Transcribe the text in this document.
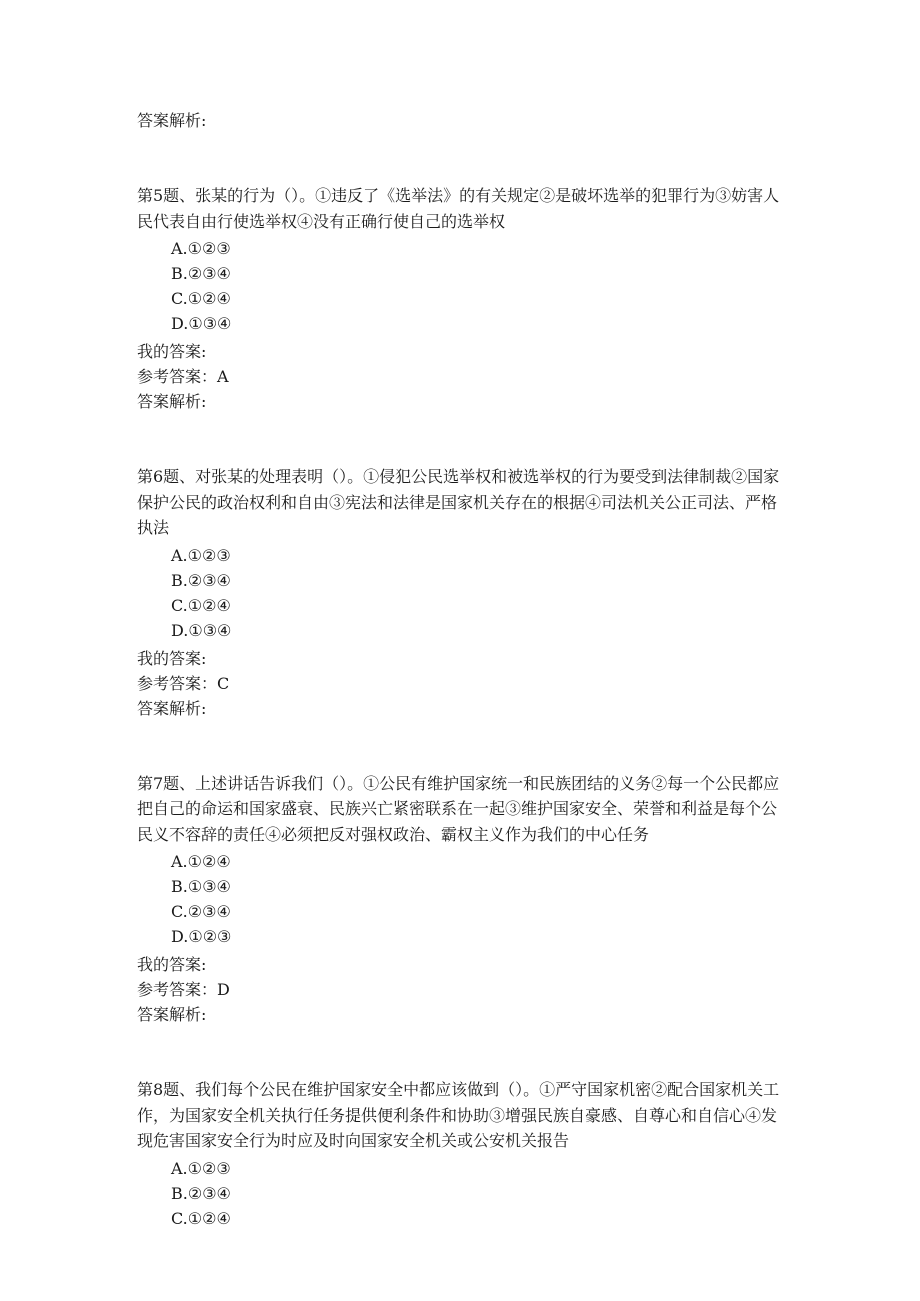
答案解析:

第5题、张某的行为（）。①违反了《选举法》的有关规定②是破坏选举的犯罪行为③妨害人民代表自由行使选举权④没有正确行使自己的选举权

A.①②③
B.②③④
C.①②④
D.①③④

我的答案:

参考答案：A

答案解析:

第6题、对张某的处理表明（）。①侵犯公民选举权和被选举权的行为要受到法律制裁②国家保护公民的政治权利和自由③宪法和法律是国家机关存在的根据④司法机关公正司法、严格执法

A.①②③
B.②③④
C.①②④
D.①③④

我的答案:

参考答案：C

答案解析:

第7题、上述讲话告诉我们（）。①公民有维护国家统一和民族团结的义务②每一个公民都应把自己的命运和国家盛衰、民族兴亡紧密联系在一起③维护国家安全、荣誉和利益是每个公民义不容辞的责任④必须把反对强权政治、霸权主义作为我们的中心任务

A.①②④
B.①③④
C.②③④
D.①②③

我的答案:

参考答案：D

答案解析:

第8题、我们每个公民在维护国家安全中都应该做到（）。①严守国家机密②配合国家机关工作，为国家安全机关执行任务提供便利条件和协助③增强民族自豪感、自尊心和自信心④发现危害国家安全行为时应及时向国家安全机关或公安机关报告

A.①②③
B.②③④
C.①②④
